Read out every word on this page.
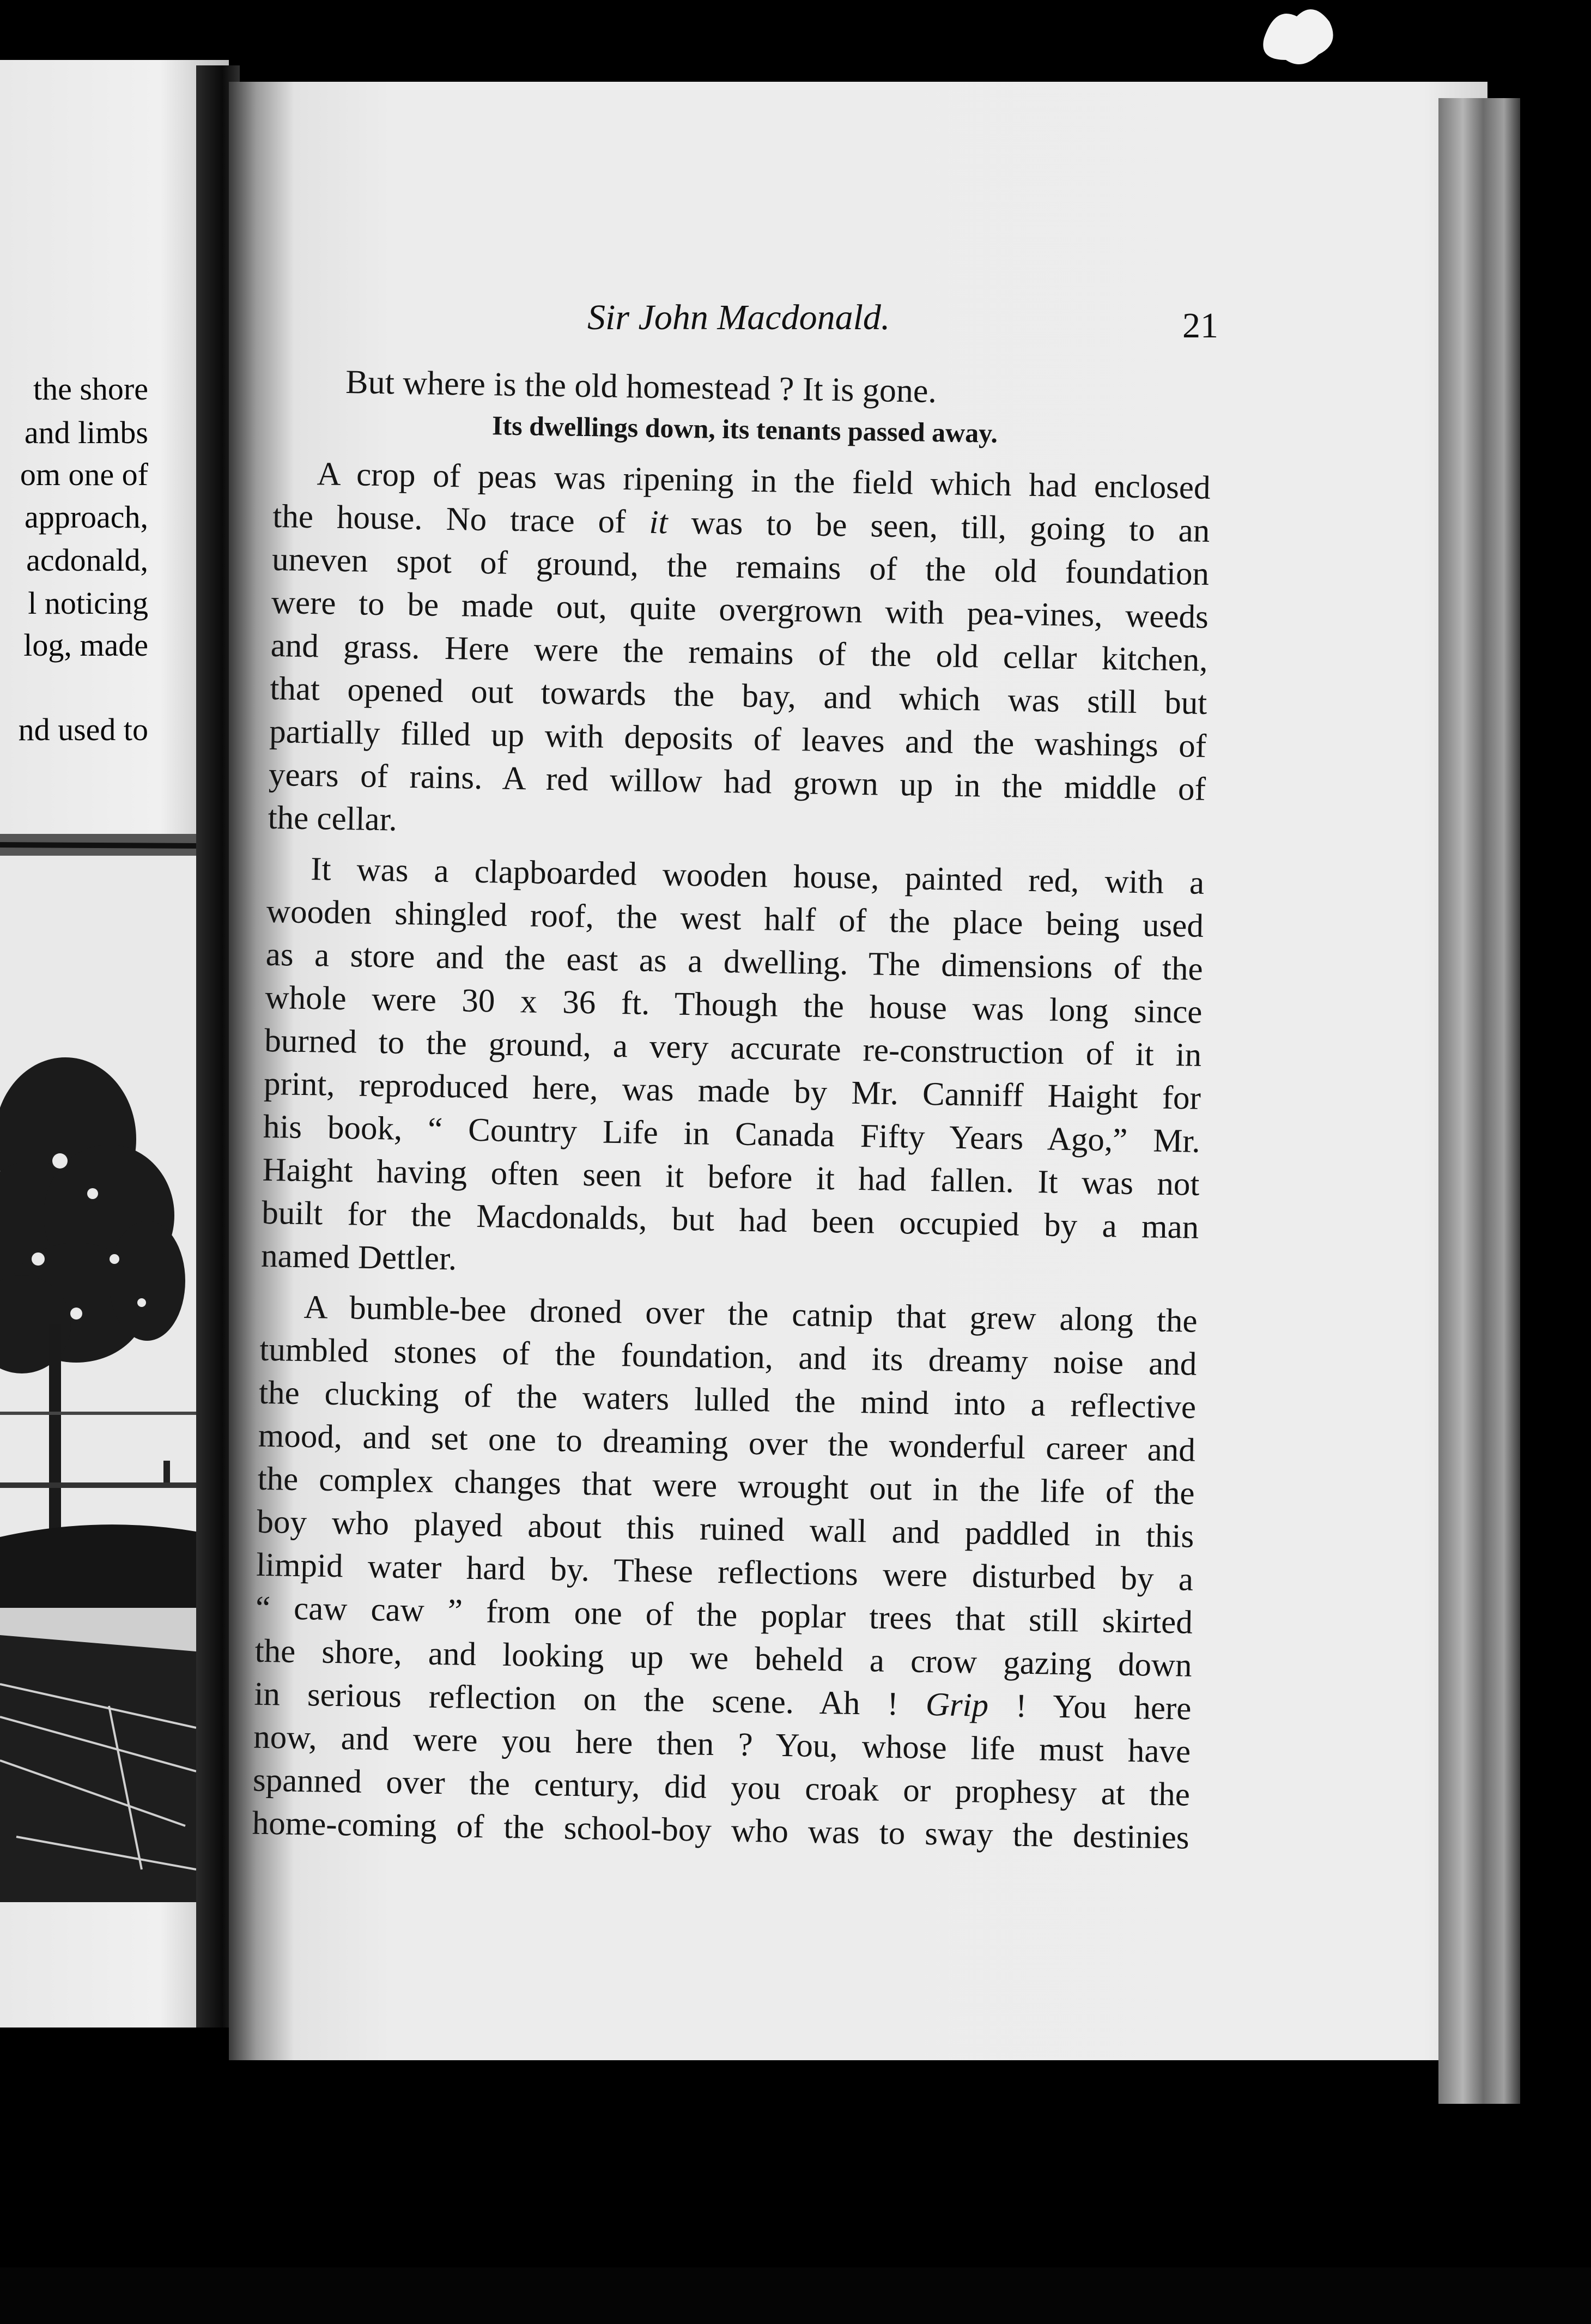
the shore
and limbs
om one of
approach,
acdonald,
l noticing
log, made
nd used to
Sir John Macdonald.	21
But where is the old homestead ? It is gone.
Its dwellings down, its tenants passed away.
A crop of peas was ripening in the field which had enclosed
the house. No trace of it was to be seen, till, going to an
uneven spot of ground, the remains of the old foundation
were to be made out, quite overgrown with pea-vines, weeds
and grass. Here were the remains of the old cellar kitchen,
that opened out towards the bay, and which was still but
partially filled up with deposits of leaves and the washings of
years of rains. A red willow had grown up in the middle of
the cellar.
It was a clapboarded wooden house, painted red, with a
wooden shingled roof, the west half of the place being used
as a store and the east as a dwelling. The dimensions of the
whole were 30 x 36 ft. Though the house was long since
burned to the ground, a very accurate re-construction of it in
print, reproduced here, was made by Mr. Canniff Haight for
his book, “ Country Life in Canada Fifty Years Ago,” Mr.
Haight having often seen it before it had fallen. It was not
built for the Macdonalds, but had been occupied by a man
named Dettler.
A bumble-bee droned over the catnip that grew along the
tumbled stones of the foundation, and its dreamy noise and
the clucking of the waters lulled the mind into a reflective
mood, and set one to dreaming over the wonderful career and
the complex changes that were wrought out in the life of the
boy who played about this ruined wall and paddled in this
limpid water hard by. These reflections were disturbed by a
“ caw caw ” from one of the poplar trees that still skirted
the shore, and looking up we beheld a crow gazing down
in serious reflection on the scene. Ah ! Grip ! You here
now, and were you here then ? You, whose life must have
spanned over the century, did you croak or prophesy at the
home-coming of the school-boy who was to sway the destinies
